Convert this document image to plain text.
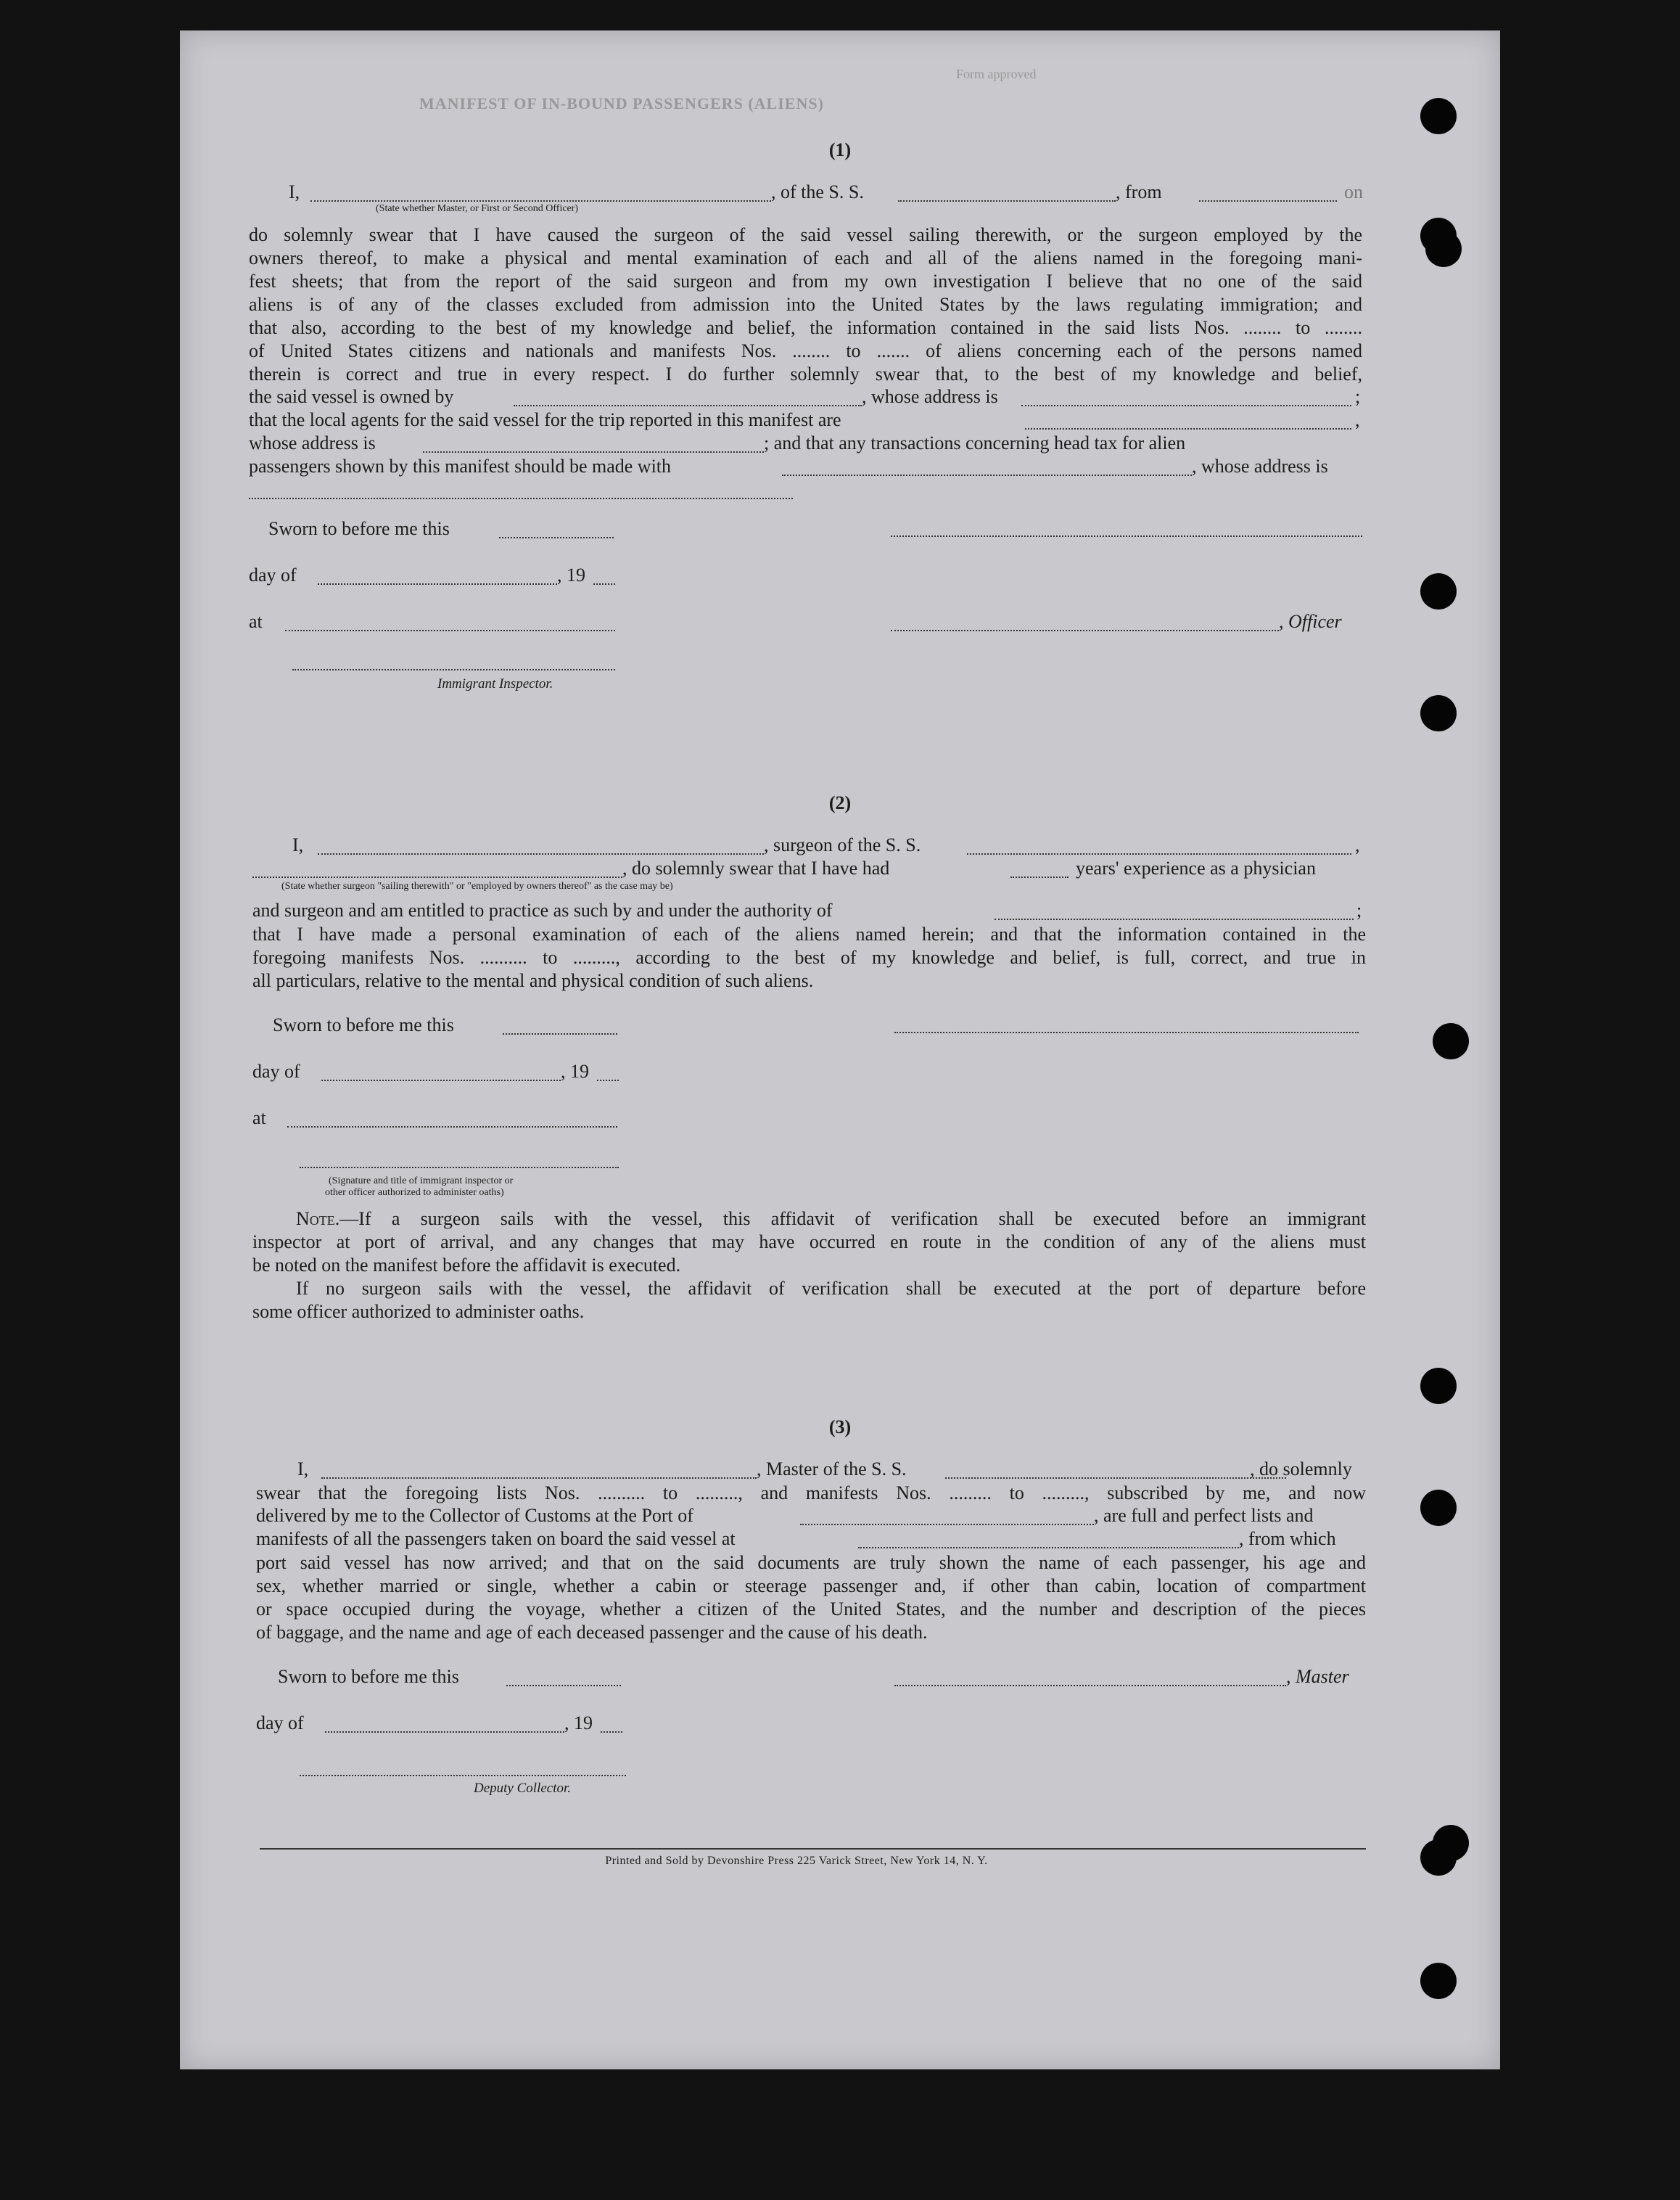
MANIFEST OF IN-BOUND PASSENGERS (ALIENS)
Form approved
(1)
I,	, of the S. S.	, from	on
(State whether Master, or First or Second Officer)
do solemnly swear that I have caused the surgeon of the said vessel sailing therewith, or the surgeon employed by the
owners thereof, to make a physical and mental examination of each and all of the aliens named in the foregoing mani-
fest sheets; that from the report of the said surgeon and from my own investigation I believe that no one of the said
aliens is of any of the classes excluded from admission into the United States by the laws regulating immigration; and
that also, according to the best of my knowledge and belief, the information contained in the said lists Nos. ........ to ........
of United States citizens and nationals and manifests Nos. ........ to ....... of aliens concerning each of the persons named
therein is correct and true in every respect. I do further solemnly swear that, to the best of my knowledge and belief,
the said vessel is owned by	, whose address is	;
that the local agents for the said vessel for the trip reported in this manifest are	,
whose address is	; and that any transactions concerning head tax for alien
passengers shown by this manifest should be made with	, whose address is
Sworn to before me this
day of	, 19
at	, Officer
Immigrant Inspector.
(2)
I,	, surgeon of the S. S.	,
, do solemnly swear that I have had	years' experience as a physician
(State whether surgeon "sailing therewith" or "employed by owners thereof" as the case may be)
and surgeon and am entitled to practice as such by and under the authority of	;
that I have made a personal examination of each of the aliens named herein; and that the information contained in the
foregoing manifests Nos. .......... to ........., according to the best of my knowledge and belief, is full, correct, and true in
all particulars, relative to the mental and physical condition of such aliens.
Sworn to before me this
day of	, 19
at
(Signature and title of immigrant inspector or
other officer authorized to administer oaths)
Note.—If a surgeon sails with the vessel, this affidavit of verification shall be executed before an immigrant
inspector at port of arrival, and any changes that may have occurred en route in the condition of any of the aliens must
be noted on the manifest before the affidavit is executed.
If no surgeon sails with the vessel, the affidavit of verification shall be executed at the port of departure before
some officer authorized to administer oaths.
(3)
I,	, Master of the S. S.	, do solemnly
swear that the foregoing lists Nos. .......... to ........., and manifests Nos. ......... to ........., subscribed by me, and now
delivered by me to the Collector of Customs at the Port of	, are full and perfect lists and
manifests of all the passengers taken on board the said vessel at	, from which
port said vessel has now arrived; and that on the said documents are truly shown the name of each passenger, his age and
sex, whether married or single, whether a cabin or steerage passenger and, if other than cabin, location of compartment
or space occupied during the voyage, whether a citizen of the United States, and the number and description of the pieces
of baggage, and the name and age of each deceased passenger and the cause of his death.
Sworn to before me this	, Master
day of	, 19
Deputy Collector.
Printed and Sold by Devonshire Press 225 Varick Street, New York 14, N. Y.
